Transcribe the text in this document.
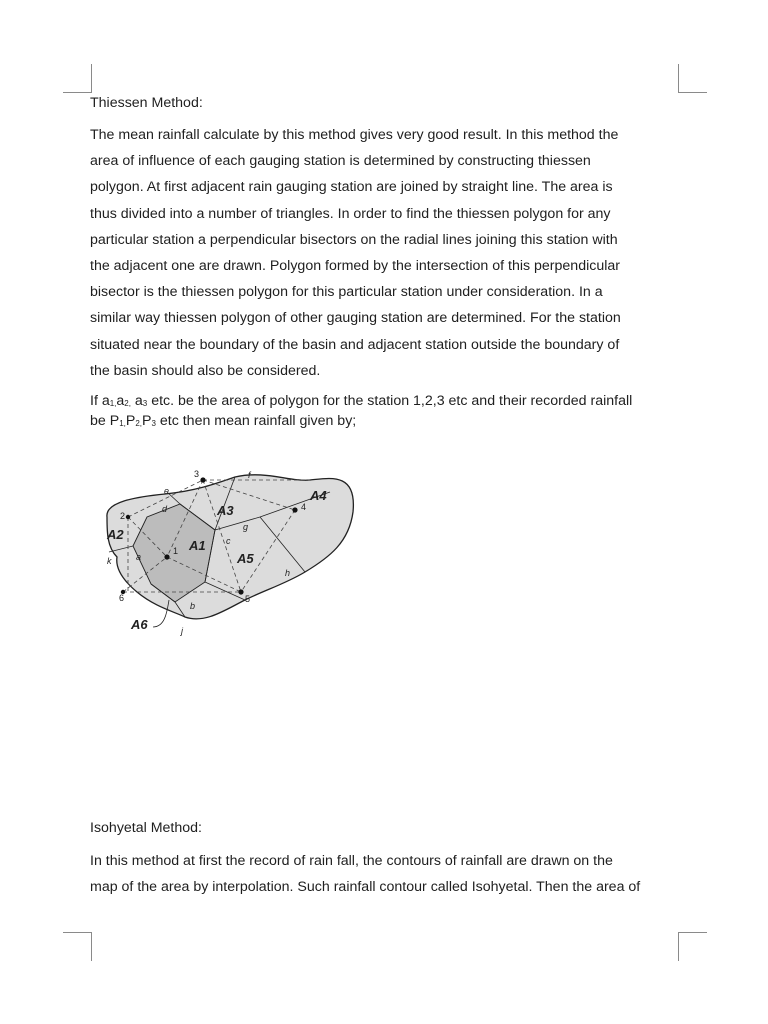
Thiessen Method:
The mean rainfall calculate by this method gives very good result. In this method the
area of influence of each gauging station is determined by constructing thiessen
polygon. At first adjacent rain gauging station are joined by straight line. The area is
thus divided into a number of triangles. In order to find the thiessen polygon for any
particular station a perpendicular bisectors on the radial lines joining this station with
the adjacent one are drawn. Polygon formed by the intersection of this perpendicular
bisector is the thiessen polygon for this particular station under consideration. In a
similar way thiessen polygon of other gauging station are determined. For the station
situated near the boundary of the basin and adjacent station outside the boundary of
the basin should also be considered.
If $a_{1,}a_{2,}$ $a_3$ etc. be the area of polygon for the station 1,2,3 etc and their recorded rainfall
be $P_{1,}P_{2,}P_3$ etc then mean rainfall given by;
A1
A2
A3
A4
A5
A6
1
2
3
4
5
6
a
b
c
d
e
f
g
h
j
k
Isohyetal Method:
In this method at first the record of rain fall, the contours of rainfall are drawn on the
map of the area by interpolation. Such rainfall contour called Isohyetal. Then the area of
